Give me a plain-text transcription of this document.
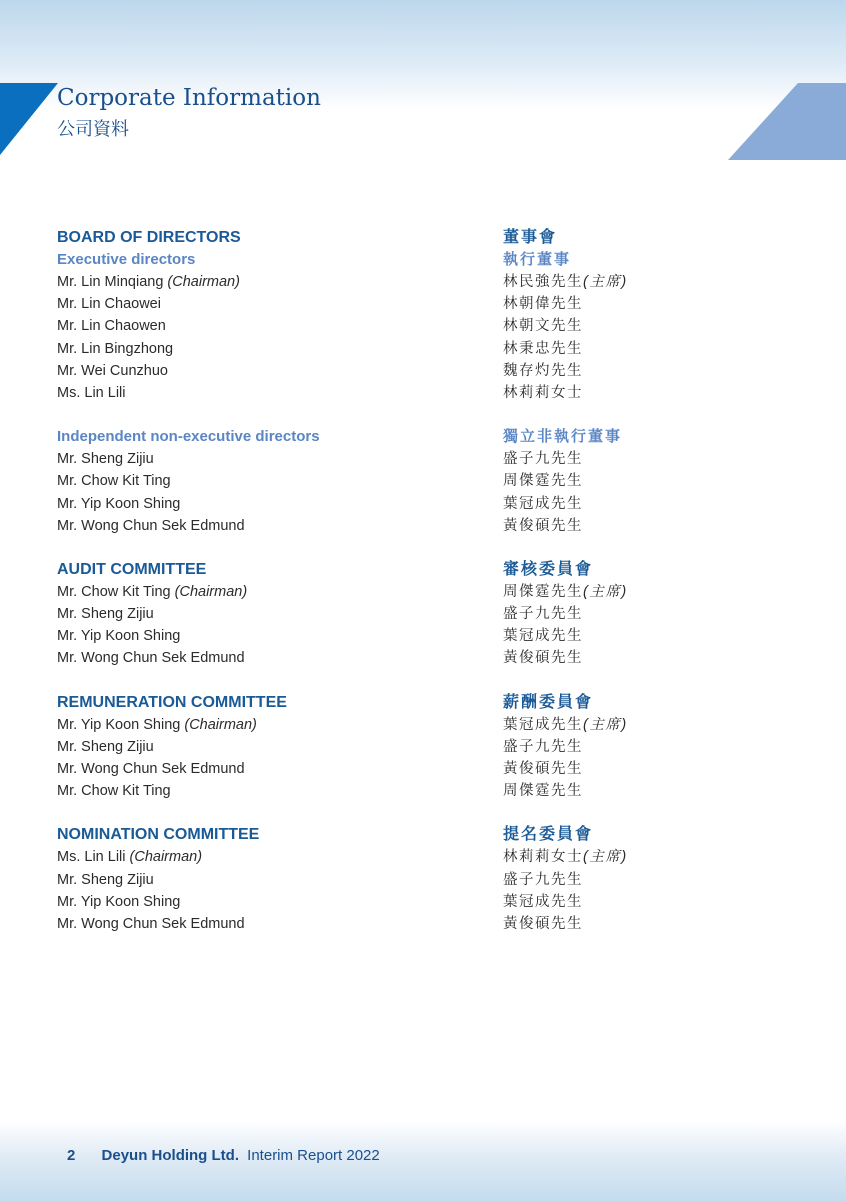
Corporate Information
公司資料
BOARD OF DIRECTORS
Executive directors
Mr. Lin Minqiang (Chairman)
Mr. Lin Chaowei
Mr. Lin Chaowen
Mr. Lin Bingzhong
Mr. Wei Cunzhuo
Ms. Lin Lili
Independent non-executive directors
Mr. Sheng Zijiu
Mr. Chow Kit Ting
Mr. Yip Koon Shing
Mr. Wong Chun Sek Edmund
AUDIT COMMITTEE
Mr. Chow Kit Ting (Chairman)
Mr. Sheng Zijiu
Mr. Yip Koon Shing
Mr. Wong Chun Sek Edmund
REMUNERATION COMMITTEE
Mr. Yip Koon Shing (Chairman)
Mr. Sheng Zijiu
Mr. Wong Chun Sek Edmund
Mr. Chow Kit Ting
NOMINATION COMMITTEE
Ms. Lin Lili (Chairman)
Mr. Sheng Zijiu
Mr. Yip Koon Shing
Mr. Wong Chun Sek Edmund
董事會
執行董事
林民強先生(主席)
林朝偉先生
林朝文先生
林秉忠先生
魏存灼先生
林莉莉女士
獨立非執行董事
盛子九先生
周傑霆先生
葉冠成先生
黃俊碩先生
審核委員會
周傑霆先生(主席)
盛子九先生
葉冠成先生
黃俊碩先生
薪酬委員會
葉冠成先生(主席)
盛子九先生
黃俊碩先生
周傑霆先生
提名委員會
林莉莉女士(主席)
盛子九先生
葉冠成先生
黃俊碩先生
2 Deyun Holding Ltd. Interim Report 2022
